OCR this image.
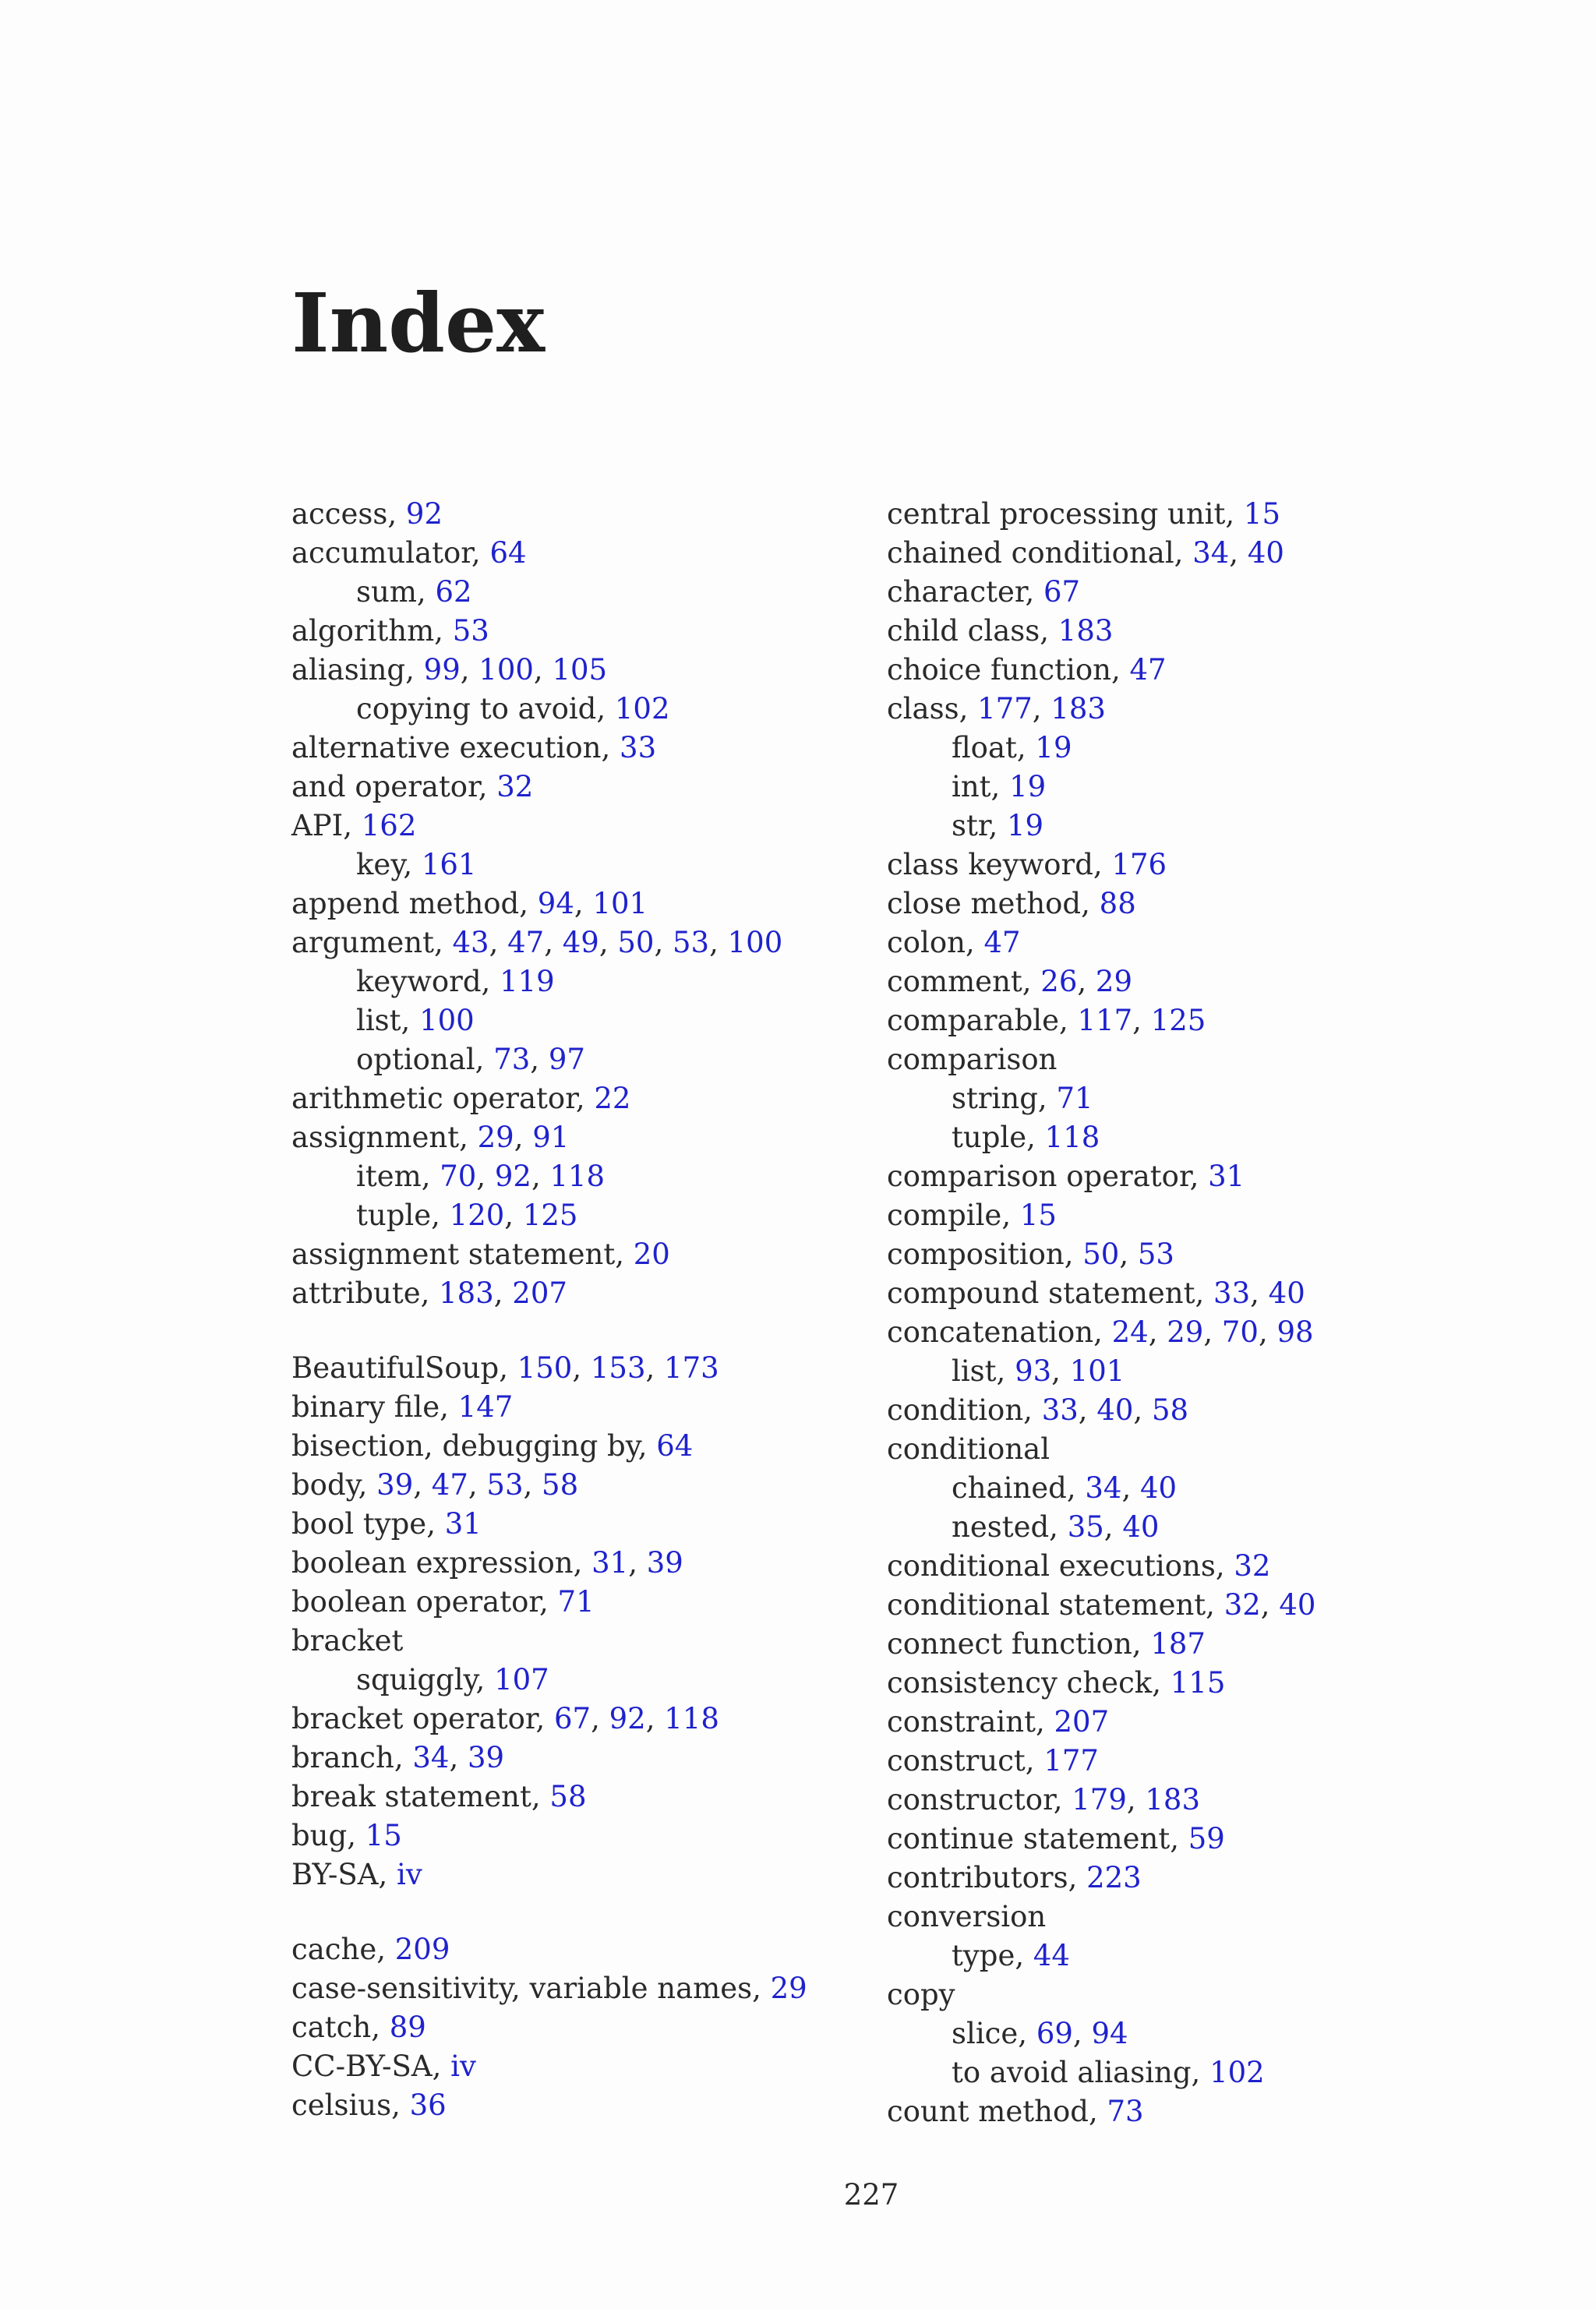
Index
access, 92
accumulator, 64
sum, 62
algorithm, 53
aliasing, 99, 100, 105
copying to avoid, 102
alternative execution, 33
and operator, 32
API, 162
key, 161
append method, 94, 101
argument, 43, 47, 49, 50, 53, 100
keyword, 119
list, 100
optional, 73, 97
arithmetic operator, 22
assignment, 29, 91
item, 70, 92, 118
tuple, 120, 125
assignment statement, 20
attribute, 183, 207
BeautifulSoup, 150, 153, 173
binary file, 147
bisection, debugging by, 64
body, 39, 47, 53, 58
bool type, 31
boolean expression, 31, 39
boolean operator, 71
bracket
squiggly, 107
bracket operator, 67, 92, 118
branch, 34, 39
break statement, 58
bug, 15
BY-SA, iv
cache, 209
case-sensitivity, variable names, 29
catch, 89
CC-BY-SA, iv
celsius, 36
central processing unit, 15
chained conditional, 34, 40
character, 67
child class, 183
choice function, 47
class, 177, 183
float, 19
int, 19
str, 19
class keyword, 176
close method, 88
colon, 47
comment, 26, 29
comparable, 117, 125
comparison
string, 71
tuple, 118
comparison operator, 31
compile, 15
composition, 50, 53
compound statement, 33, 40
concatenation, 24, 29, 70, 98
list, 93, 101
condition, 33, 40, 58
conditional
chained, 34, 40
nested, 35, 40
conditional executions, 32
conditional statement, 32, 40
connect function, 187
consistency check, 115
constraint, 207
construct, 177
constructor, 179, 183
continue statement, 59
contributors, 223
conversion
type, 44
copy
slice, 69, 94
to avoid aliasing, 102
count method, 73
227
